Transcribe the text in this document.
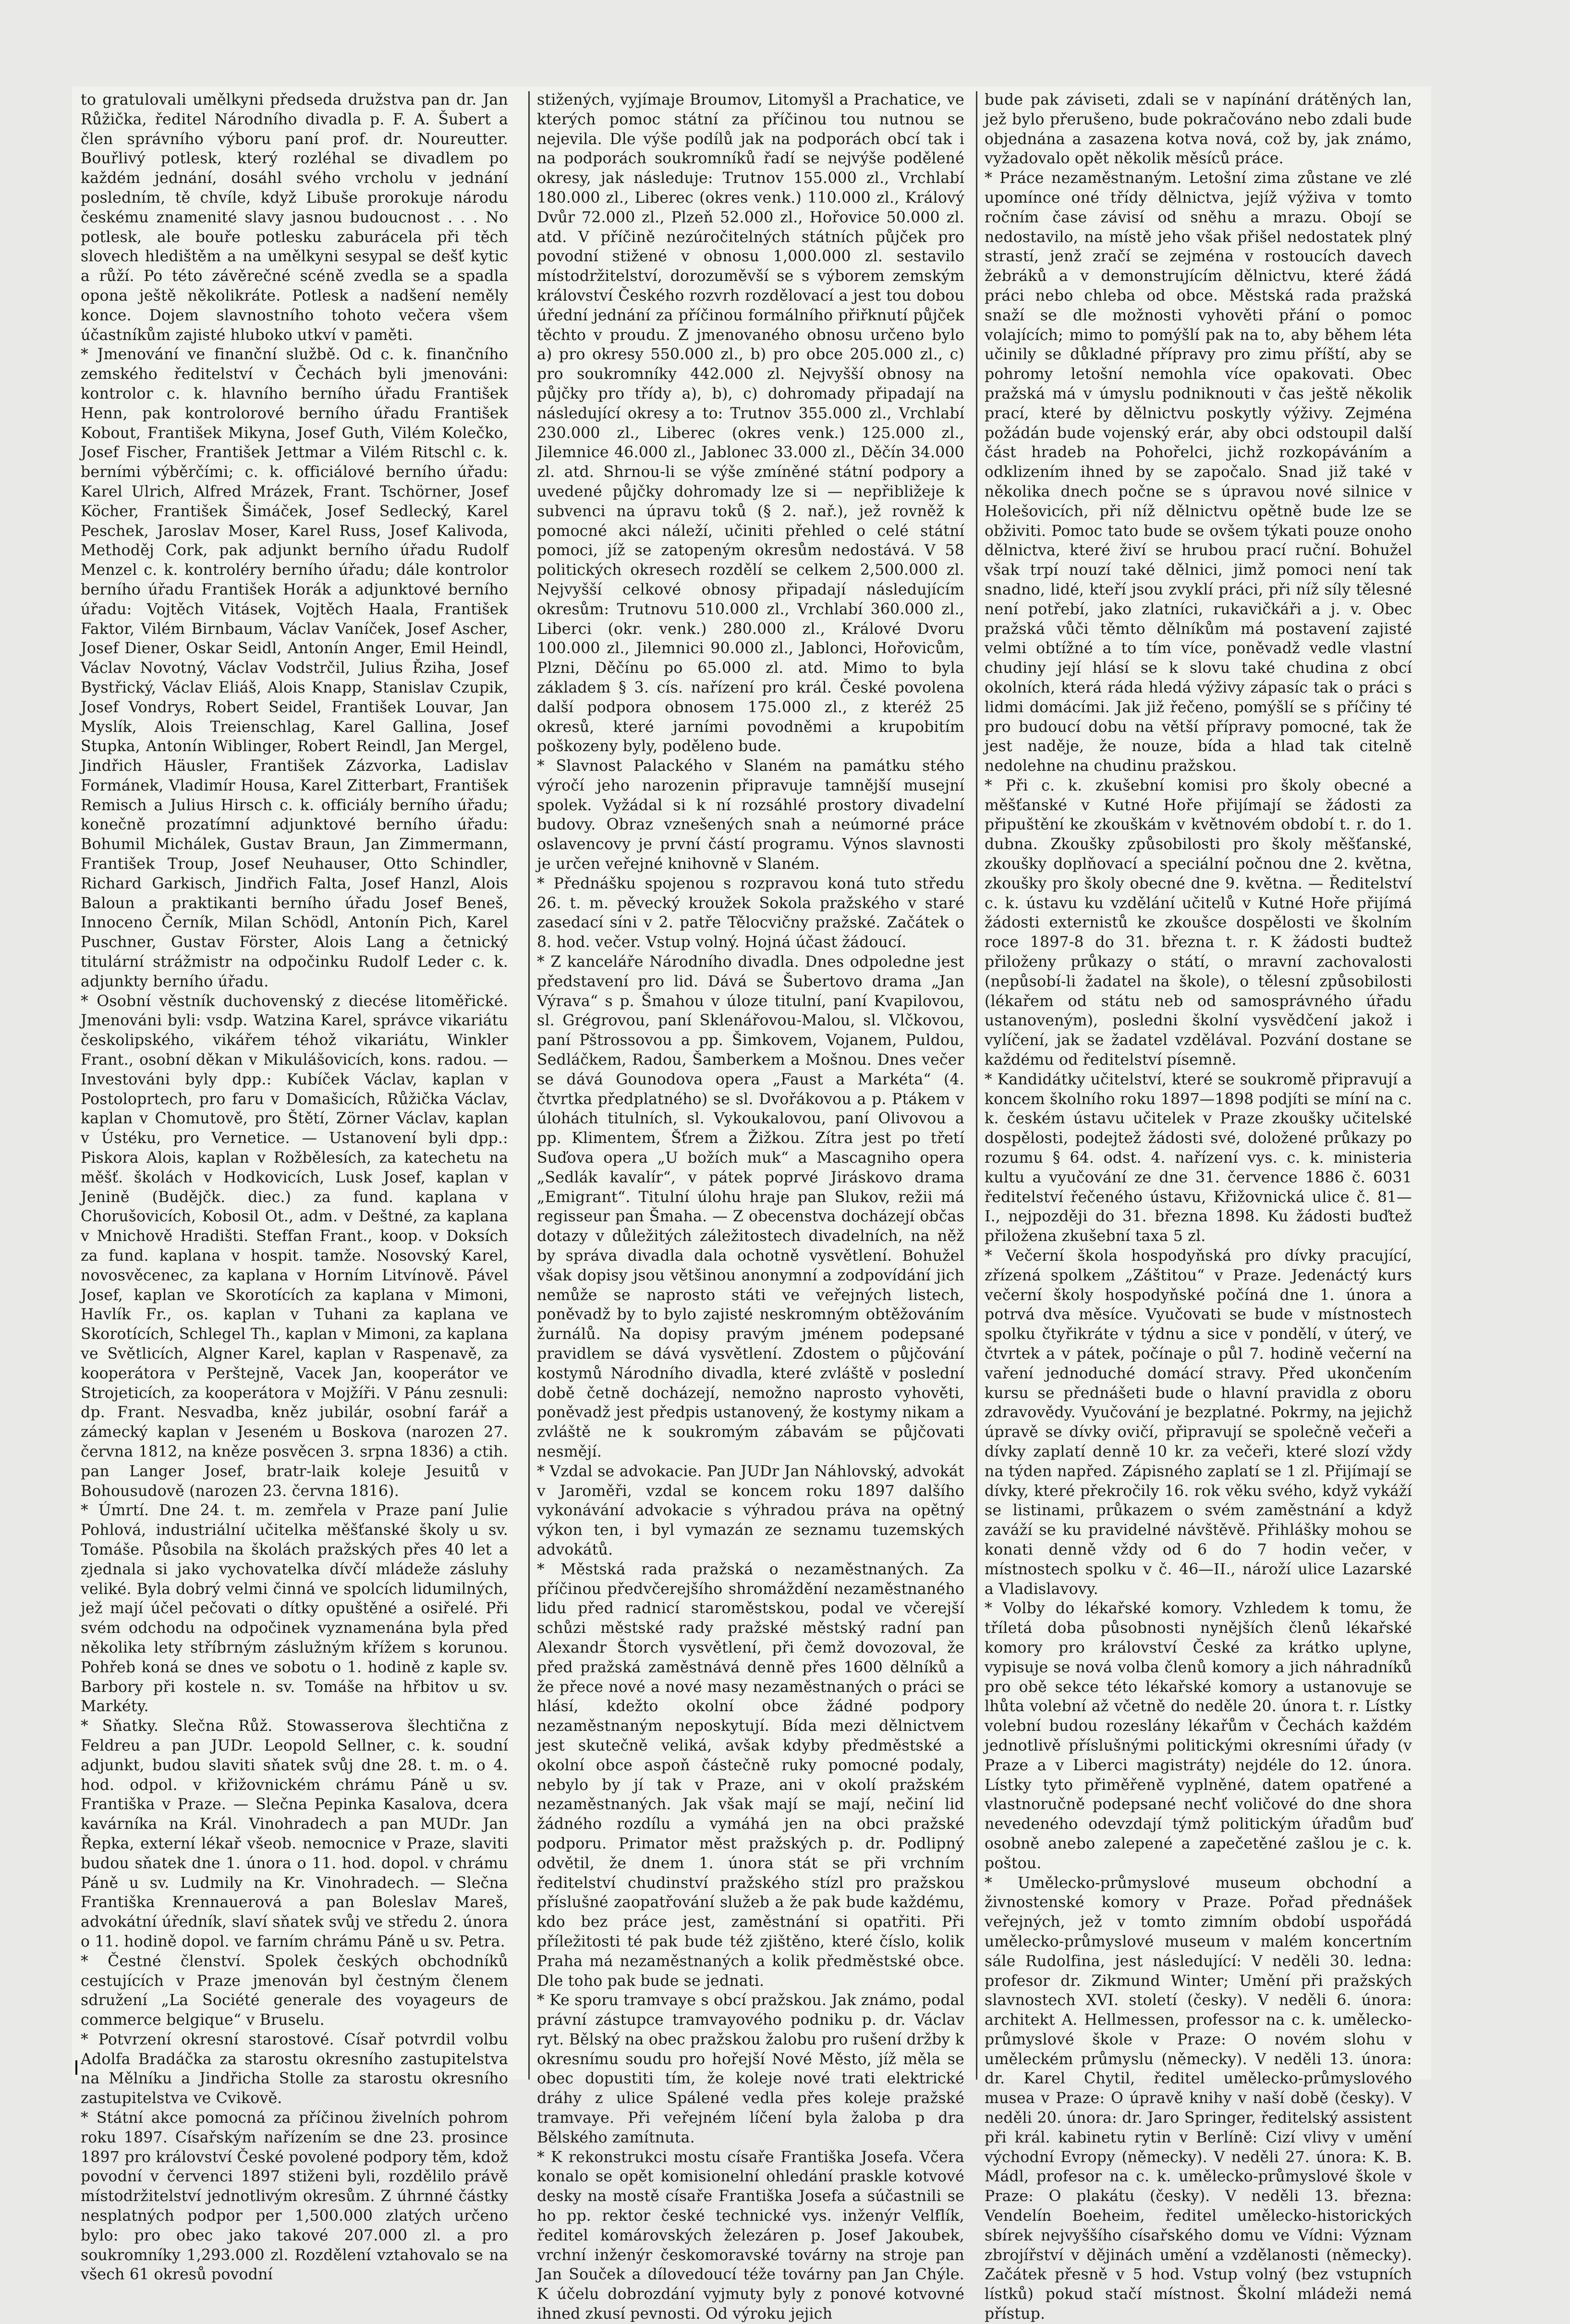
to gratulovali umělkyni předseda družstva pan dr. Jan Růžička, ředitel Národního divadla p. F. A. Šubert a člen správního výboru paní prof. dr. Noureutter. Bouřlivý potlesk, který rozléhal se divadlem po každém jednání, dosáhl svého vrcholu v jednání posledním, tě chvíle, když Libuše prorokuje národu českému znamenité slavy jasnou budoucnost . . . No potlesk, ale bouře potlesku zaburácela při těch slovech hledištěm a na umělkyni sesypal se dešť kytic a růží. Po této závěrečné scéně zvedla se a spadla opona ještě několikráte. Potlesk a nadšení neměly konce. Dojem slavnostního tohoto večera všem účastníkům zajisté hluboko utkví v paměti.

* Jmenování ve finanční službě. Od c. k. finančního zemského ředitelství v Čechách byli jmenováni: kontrolor c. k. hlavního berního úřadu František Henn, pak kontrolorové berního úřadu František Kobout, František Mikyna, Josef Guth, Vilém Kolečko, Josef Fischer, František Jettmar a Vilém Ritschl c. k. berními výběrčími; c. k. officiálové berního úřadu: Karel Ulrich, Alfred Mrázek, Frant. Tschörner, Josef Köcher, František Šimáček, Josef Sedlecký, Karel Peschek, Jaroslav Moser, Karel Russ, Josef Kalivoda, Methoděj Cork, pak adjunkt berního úřadu Rudolf Menzel c. k. kontroléry berního úřadu; dále kontrolor berního úřadu František Horák a adjunktové berního úřadu: Vojtěch Vitásek, Vojtěch Haala, František Faktor, Vilém Birnbaum, Václav Vaníček, Josef Ascher, Josef Diener, Oskar Seidl, Antonín Anger, Emil Heindl, Václav Novotný, Václav Vodstrčil, Julius Řziha, Josef Bystřický, Václav Eliáš, Alois Knapp, Stanislav Czupik, Josef Vondrys, Robert Seidel, František Louvar, Jan Myslík, Alois Treienschlag, Karel Gallina, Josef Stupka, Antonín Wiblinger, Robert Reindl, Jan Mergel, Jindřich Häusler, František Zázvorka, Ladislav Formánek, Vladimír Housa, Karel Zitterbart, František Remisch a Julius Hirsch c. k. officiály berního úřadu; konečně prozatímní adjunktové berního úřadu: Bohumil Michálek, Gustav Braun, Jan Zimmermann, František Troup, Josef Neuhauser, Otto Schindler, Richard Garkisch, Jindřich Falta, Josef Hanzl, Alois Baloun a praktikanti berního úřadu Josef Beneš, Innoceno Černík, Milan Schödl, Antonín Pich, Karel Puschner, Gustav Förster, Alois Lang a četnický titulární strážmistr na odpočinku Rudolf Leder c. k. adjunkty berního úřadu.

* Osobní věstník duchovenský z diecése litoměřické. Jmenováni byli: vsdp. Watzina Karel, správce vikariátu českolipského, vikářem téhož vikariátu, Winkler Frant., osobní děkan v Mikulášovicích, kons. radou. — Investováni byly dpp.: Kubíček Václav, kaplan v Postoloprtech, pro faru v Domašicích, Růžička Václav, kaplan v Chomutově, pro Štětí, Zörner Václav, kaplan v Ústéku, pro Vernetice. — Ustanovení byli dpp.: Piskora Alois, kaplan v Rožbělesích, za katechetu na měšť. školách v Hodkovicích, Lusk Josef, kaplan v Jenině (Budějčk. diec.) za fund. kaplana v Chorušovicích, Kobosil Ot., adm. v Deštné, za kaplana v Mnichově Hradišti. Steffan Frant., koop. v Doksích za fund. kaplana v hospit. tamže. Nosovský Karel, novosvěcenec, za kaplana v Horním Litvínově. Pável Josef, kaplan ve Skorotících za kaplana v Mimoni, Havlík Fr., os. kaplan v Tuhani za kaplana ve Skorotících, Schlegel Th., kaplan v Mimoni, za kaplana ve Světlicích, Algner Karel, kaplan v Raspenavě, za kooperátora v Perštejně, Vacek Jan, kooperátor ve Strojeticích, za kooperátora v Mojžíři. V Pánu zesnuli: dp. Frant. Nesvadba, kněz jubilár, osobní farář a zámecký kaplan v Jeseném u Boskova (narozen 27. června 1812, na kněze posvěcen 3. srpna 1836) a ctih. pan Langer Josef, bratr-laik koleje Jesuitů v Bohousudově (narozen 23. června 1816).

* Úmrtí. Dne 24. t. m. zemřela v Praze paní Julie Pohlová, industriální učitelka měšťanské školy u sv. Tomáše. Působila na školách pražských přes 40 let a zjednala si jako vychovatelka dívčí mládeže zásluhy veliké. Byla dobrý velmi činná ve spolcích lidumilných, jež mají účel pečovati o dítky opuštěné a osiřelé. Při svém odchodu na odpočinek vyznamenána byla před několika lety stříbrným záslužným křížem s korunou. Pohřeb koná se dnes ve sobotu o 1. hodině z kaple sv. Barbory při kostele n. sv. Tomáše na hřbitov u sv. Markéty.

* Sňatky. Slečna Růž. Stowasserova šlechtična z Feldreu a pan JUDr. Leopold Sellner, c. k. soudní adjunkt, budou slaviti sňatek svůj dne 28. t. m. o 4. hod. odpol. v křižovnickém chrámu Páně u sv. Františka v Praze. — Slečna Pepinka Kasalova, dcera kavárníka na Král. Vinohradech a pan MUDr. Jan Řepka, externí lékař všeob. nemocnice v Praze, slaviti budou sňatek dne 1. února o 11. hod. dopol. v chrámu Páně u sv. Ludmily na Kr. Vinohradech. — Slečna Františka Krennauerová a pan Boleslav Mareš, advokátní úředník, slaví sňatek svůj ve středu 2. února o 11. hodině dopol. ve farním chrámu Páně u sv. Petra.

* Čestné členství. Spolek českých obchodníků cestujících v Praze jmenován byl čestným členem sdružení „La Société generale des voyageurs de commerce belgique“ v Bruselu.

* Potvrzení okresní starostové. Císař potvrdil volbu Adolfa Bradáčka za starostu okresního zastupitelstva na Mělníku a Jindřicha Stolle za starostu okresního zastupitelstva ve Cvikově.

* Státní akce pomocná za příčinou živelních pohrom roku 1897. Císařským nařízením se dne 23. prosince 1897 pro království České povolené podpory těm, kdož povodní v červenci 1897 stiženi byli, rozdělilo právě místodržitelství jednotlivým okresům. Z úhrnné částky nesplatných podpor per 1,500.000 zlatých určeno bylo: pro obec jako takové 207.000 zl. a pro soukromníky 1,293.000 zl. Rozdělení vztahovalo se na všech 61 okresů povodní

stižených, vyjímaje Broumov, Litomyšl a Prachatice, ve kterých pomoc státní za příčinou tou nutnou se nejevila. Dle výše podílů jak na podporách obcí tak i na podporách soukromníků řadí se nejvýše podělené okresy, jak následuje: Trutnov 155.000 zl., Vrchlabí 180.000 zl., Liberec (okres venk.) 110.000 zl., Králový Dvůr 72.000 zl., Plzeň 52.000 zl., Hořovice 50.000 zl. atd. V příčině nezúročitelných státních půjček pro povodní stižené v obnosu 1,000.000 zl. sestavilo místodržitelství, dorozuměvší se s výborem zemským království Českého rozvrh rozdělovací a jest tou dobou úřední jednání za příčinou formálního přiřknutí půjček těchto v proudu. Z jmenovaného obnosu určeno bylo a) pro okresy 550.000 zl., b) pro obce 205.000 zl., c) pro soukromníky 442.000 zl. Nejvyšší obnosy na půjčky pro třídy a), b), c) dohromady připadají na následující okresy a to: Trutnov 355.000 zl., Vrchlabí 230.000 zl., Liberec (okres venk.) 125.000 zl., Jilemnice 46.000 zl., Jablonec 33.000 zl., Děčín 34.000 zl. atd. Shrnou-li se výše zmíněné státní podpory a uvedené půjčky dohromady lze si — nepřibližeje k subvenci na úpravu toků (§ 2. nař.), jež rovněž k pomocné akci náleží, učiniti přehled o celé státní pomoci, jíž se zatopeným okresům nedostává. V 58 politických okresech rozdělí se celkem 2,500.000 zl. Nejvyšší celkové obnosy připadají následujícím okresům: Trutnovu 510.000 zl., Vrchlabí 360.000 zl., Liberci (okr. venk.) 280.000 zl., Králové Dvoru 100.000 zl., Jilemnici 90.000 zl., Jablonci, Hořovicům, Plzni, Děčínu po 65.000 zl. atd. Mimo to byla základem § 3. cís. nařízení pro král. České povolena další podpora obnosem 175.000 zl., z kteréž 25 okresů, které jarními povodněmi a krupobitím poškozeny byly, poděleno bude.

* Slavnost Palackého v Slaném na památku stého výročí jeho narozenin připravuje tamnější musejní spolek. Vyžádal si k ní rozsáhlé prostory divadelní budovy. Obraz vznešených snah a neúmorné práce oslavencovy je první částí programu. Výnos slavnosti je určen veřejné knihovně v Slaném.

* Přednášku spojenou s rozpravou koná tuto středu 26. t. m. pěvecký kroužek Sokola pražského v staré zasedací síni v 2. patře Tělocvičny pražské. Začátek o 8. hod. večer. Vstup volný. Hojná účast žádoucí.

* Z kanceláře Národního divadla. Dnes odpoledne jest představení pro lid. Dává se Šubertovo drama „Jan Výrava“ s p. Šmahou v úloze titulní, paní Kvapilovou, sl. Grégrovou, paní Sklenářovou-Malou, sl. Vlčkovou, paní Pštrossovou a pp. Šimkovem, Vojanem, Puldou, Sedláčkem, Radou, Šamberkem a Mošnou. Dnes večer se dává Gounodova opera „Faust a Markéta“ (4. čtvrtka předplatného) se sl. Dvořákovou a p. Ptákem v úlohách titulních, sl. Vykoukalovou, paní Olivovou a pp. Klimentem, Šťrem a Žižkou. Zítra jest po třetí Suďova opera „U božích muk“ a Mascagniho opera „Sedlák kavalír“, v pátek poprvé Jiráskovo drama „Emigrant“. Titulní úlohu hraje pan Slukov, režii má regisseur pan Šmaha. — Z obecenstva docházejí občas dotazy v důležitých záležitostech divadelních, na něž by správa divadla dala ochotně vysvětlení. Bohužel však dopisy jsou většinou anonymní a zodpovídání jich nemůže se naprosto státi ve veřejných listech, poněvadž by to bylo zajisté neskromným obtěžováním žurnálů. Na dopisy pravým jménem podepsané pravidlem se dává vysvětlení. Zdostem o půjčování kostymů Národního divadla, které zvláště v poslední době četně docházejí, nemožno naprosto vyhověti, poněvadž jest předpis ustanovený, že kostymy nikam a zvláště ne k soukromým zábavám se půjčovati nesmějí.

* Vzdal se advokacie. Pan JUDr Jan Náhlovský, advokát v Jaroměři, vzdal se koncem roku 1897 dalšího vykonávání advokacie s výhradou práva na opětný výkon ten, i byl vymazán ze seznamu tuzemských advokátů.

* Městská rada pražská o nezaměstnaných. Za příčinou předvčerejšího shromáždění nezaměstnaného lidu před radnicí staroměstskou, podal ve včerejší schůzi městské rady pražské městský radní pan Alexandr Štorch vysvětlení, při čemž dovozoval, že před pražská zaměstnává denně přes 1600 dělníků a že přece nové a nové masy nezaměstnaných o práci se hlásí, kdežto okolní obce žádné podpory nezaměstnaným neposkytují. Bída mezi dělnictvem jest skutečně veliká, avšak kdyby předměstské a okolní obce aspoň částečně ruky pomocné podaly, nebylo by jí tak v Praze, ani v okolí pražském nezaměstnaných. Jak však mají se mají, nečiní lid žádného rozdílu a vymáhá jen na obci pražské podporu. Primator měst pražských p. dr. Podlipný odvětil, že dnem 1. února stát se při vrchním ředitelství chudinství pražského stízl pro pražskou příslušné zaopatřování služeb a že pak bude každému, kdo bez práce jest, zaměstnání si opatřiti. Při příležitosti té pak bude též zjištěno, které číslo, kolik Praha má nezaměstnaných a kolik předměstské obce. Dle toho pak bude se jednati.

* Ke sporu tramvaye s obcí pražskou. Jak známo, podal právní zástupce tramvayového podniku p. dr. Václav ryt. Bělský na obec pražskou žalobu pro rušení držby k okresnímu soudu pro hořejší Nové Město, jíž měla se obec dopustiti tím, že koleje nové trati elektrické dráhy z ulice Spálené vedla přes koleje pražské tramvaye. Při veřejném líčení byla žaloba p dra Bělského zamítnuta.

* K rekonstrukci mostu císaře Františka Josefa. Včera konalo se opět komisionelní ohledání praskle kotvové desky na mostě císaře Františka Josefa a súčastnili se ho pp. rektor české technické vys. inženýr Velflík, ředitel komárovských železáren p. Josef Jakoubek, vrchní inženýr českomoravské továrny na stroje pan Jan Souček a dílovedoucí téže továrny pan Jan Chýle. K účelu dobrozdání vyjmuty byly z ponové kotvovné ihned zkusí pevnosti. Od výroku jejich

bude pak záviseti, zdali se v napínání drátěných lan, jež bylo přerušeno, bude pokračováno nebo zdali bude objednána a zasazena kotva nová, což by, jak známo, vyžadovalo opět několik měsíců práce.

* Práce nezaměstnaným. Letošní zima zůstane ve zlé upomínce oné třídy dělnictva, jejíž výživa v tomto ročním čase závisí od sněhu a mrazu. Obojí se nedostavilo, na místě jeho však přišel nedostatek plný strastí, jenž zračí se zejména v rostoucích davech žebráků a v demonstrujícím dělnictvu, které žádá práci nebo chleba od obce. Městská rada pražská snaží se dle možnosti vyhověti přání o pomoc volajících; mimo to pomýšlí pak na to, aby během léta učinily se důkladné přípravy pro zimu příští, aby se pohromy letošní nemohla více opakovati. Obec pražská má v úmyslu podniknouti v čas ještě několik prací, které by dělnictvu poskytly výživy. Zejména požádán bude vojenský erár, aby obci odstoupil další část hradeb na Pohořelci, jichž rozkopáváním a odklizením ihned by se započalo. Snad již také v několika dnech počne se s úpravou nové silnice v Holešovicích, při níž dělnictvu opětně bude lze se obživiti. Pomoc tato bude se ovšem týkati pouze onoho dělnictva, které živí se hrubou prací ruční. Bohužel však trpí nouzí také dělnici, jimž pomoci není tak snadno, lidé, kteří jsou zvyklí práci, při níž síly tělesné není potřebí, jako zlatníci, rukavičkáři a j. v. Obec pražská vůči těmto dělníkům má postavení zajisté velmi obtížné a to tím více, poněvadž vedle vlastní chudiny její hlásí se k slovu také chudina z obcí okolních, která ráda hledá výživy zápasíc tak o práci s lidmi domácími. Jak již řečeno, pomýšlí se s příčiny té pro budoucí dobu na větší přípravy pomocné, tak že jest naděje, že nouze, bída a hlad tak citelně nedolehne na chudinu pražskou.

* Při c. k. zkušební komisi pro školy obecné a měšťanské v Kutné Hoře přijímají se žádosti za připuštění ke zkouškám v květnovém období t. r. do 1. dubna. Zkoušky způsobilosti pro školy měšťanské, zkoušky doplňovací a speciální počnou dne 2. května, zkoušky pro školy obecné dne 9. května. — Ředitelství c. k. ústavu ku vzdělání učitelů v Kutné Hoře přijímá žádosti externistů ke zkoušce dospělosti ve školním roce 1897-8 do 31. března t. r. K žádosti budtež přiloženy průkazy o státí, o mravní zachovalosti (nepůsobí-li žadatel na škole), o tělesní způsobilosti (lékařem od státu neb od samosprávného úřadu ustanoveným), posledni školní vysvědčení jakož i vylíčení, jak se žadatel vzdělával. Pozvání dostane se každému od ředitelství písemně.

* Kandidátky učitelství, které se soukromě připravují a koncem školního roku 1897—1898 podjíti se míní na c. k. českém ústavu učitelek v Praze zkoušky učitelské dospělosti, podejtež žádosti své, doložené průkazy po rozumu § 64. odst. 4. nařízení vys. c. k. ministeria kultu a vyučování ze dne 31. července 1886 č. 6031 ředitelství řečeného ústavu, Křižovnická ulice č. 81—I., nejpozději do 31. března 1898. Ku žádosti buďtež přiložena zkušební taxa 5 zl.

* Večerní škola hospodyňská pro dívky pracující, zřízená spolkem „Záštitou“ v Praze. Jedenáctý kurs večerní školy hospodyňské počíná dne 1. února a potrvá dva měsíce. Vyučovati se bude v místnostech spolku čtyřikráte v týdnu a sice v pondělí, v úterý, ve čtvrtek a v pátek, počínaje o půl 7. hodině večerní na vaření jednoduché domácí stravy. Před ukončením kursu se přednášeti bude o hlavní pravidla z oboru zdravovědy. Vyučování je bezplatné. Pokrmy, na jejichž úpravě se dívky ovičí, připravují se společně večeři a dívky zaplatí denně 10 kr. za večeři, které slozí vždy na týden napřed. Zápisného zaplatí se 1 zl. Přijímají se dívky, které překročily 16. rok věku svého, když vykáží se listinami, průkazem o svém zaměstnání a když zaváží se ku pravidelné návštěvě. Přihlášky mohou se konati denně vždy od 6 do 7 hodin večer, v místnostech spolku v č. 46—II., nároží ulice Lazarské a Vladislavovy.

* Volby do lékařské komory. Vzhledem k tomu, že tříletá doba působnosti nynějších členů lékařské komory pro království České za krátko uplyne, vypisuje se nová volba členů komory a jich náhradníků pro obě sekce této lékařské komory a ustanovuje se lhůta volební až včetně do neděle 20. února t. r. Lístky volební budou rozeslány lékařům v Čechách každém jednotlivě příslušnými politickými okresními úřady (v Praze a v Liberci magistráty) nejdéle do 12. února. Lístky tyto přiměřeně vyplněné, datem opatřené a vlastnoručně podepsané nechť voličové do dne shora nevedeného odevzdají týmž politickým úřadům buď osobně anebo zalepené a zapečetěné zašlou je c. k. poštou.

* Umělecko-průmyslové museum obchodní a živnostenské komory v Praze. Pořad přednášek veřejných, jež v tomto zimním období uspořádá umělecko-průmyslové museum v malém koncertním sále Rudolfina, jest následující: V neděli 30. ledna: profesor dr. Zikmund Winter; Umění při pražských slavnostech XVI. století (česky). V neděli 6. února: architekt A. Hellmessen, professor na c. k. umělecko-průmyslové škole v Praze: O novém slohu v uměleckém průmyslu (německy). V neděli 13. února: dr. Karel Chytil, ředitel umělecko-průmyslového musea v Praze: O úpravě knihy v naší době (česky). V neděli 20. února: dr. Jaro Springer, ředitelský assistent při král. kabinetu rytin v Berlíně: Cizí vlivy v umění východní Evropy (německy). V neděli 27. února: K. B. Mádl, profesor na c. k. umělecko-průmyslové škole v Praze: O plakátu (česky). V neděli 13. března: Vendelín Boeheim, ředitel umělecko-historických sbírek nejvyššího císařského domu ve Vídni: Význam zbrojířství v dějinách umění a vzdělanosti (německy). Začátek přesně v 5 hod. Vstup volný (bez vstupních lístků) pokud stačí místnost. Školní mládeži nemá přístup.
